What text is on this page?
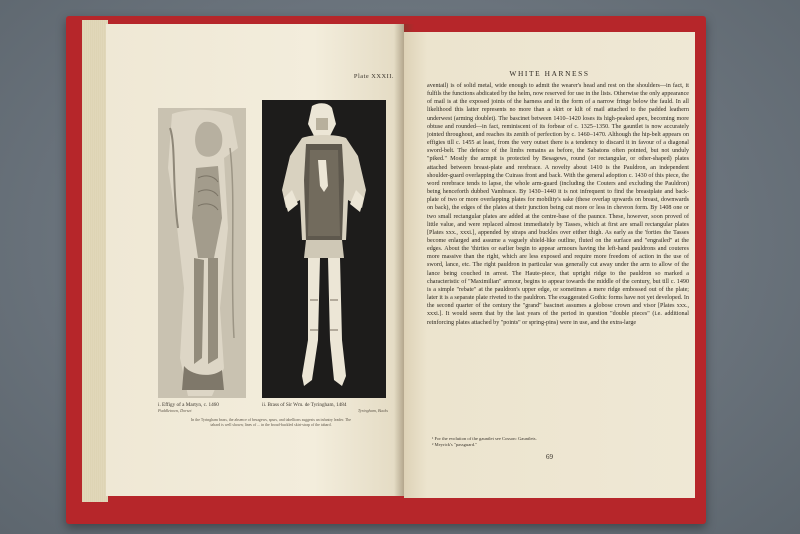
Plate XXXII.
i. Effigy of a Martyn, c. 1460
Puddletown, Dorset
ii. Brass of Sir Wm. de Tyringham, 1484
Tyringham, Bucks
In the Tyringham brass, the absence of besagews, spurs, and tabellions suggests an infantry leader. The tabard is well shown; lines of ... in the broad-buckled skirt-strap of the tabard.
WHITE HARNESS
aventail) is of solid metal, wide enough to admit the wearer's head and rest on the shoulders—in fact, it fulfils the functions abdicated by the helm, now reserved for use in the lists. Otherwise the only appearance of mail is at the exposed joints of the harness and in the form of a narrow fringe below the fauld. In all likelihood this latter represents no more than a skirt or kilt of mail attached to the padded leathern underwest (arming doublet). The bascinet between 1410–1420 loses its high-peaked apex, becoming more obtuse and rounded—in fact, reminiscent of its forbear of c. 1325–1350. The gauntlet is now accurately jointed throughout, and reaches its zenith of perfection by c. 1460–1470. Although the hip-belt appears on effigies till c. 1455 at least, from the very outset there is a tendency to discard it in favour of a diagonal sword-belt. The defence of the limbs remains as before, the Sabatons often pointed, but not unduly "piked." Mostly the armpit is protected by Besagews, round (or rectangular, or other-shaped) plates attached between breast-plate and rerebrace. A novelty about 1410 is the Pauldron, an independent shoulder-guard overlapping the Cuirass front and back. With the general adoption c. 1430 of this piece, the word rerebrace tends to lapse, the whole arm-guard (including the Couters and excluding the Pauldron) being henceforth dubbed Vambrace. By 1430–1440 it is not infrequent to find the breastplate and back-plate of two or more overlapping plates for mobility's sake (these overlap upwards on breast, downwards on back), the edges of the plates at their junction being cut more or less in chevron form. By 1408 one or two small rectangular plates are added at the centre-base of the paunce. These, however, soon proved of little value, and were replaced almost immediately by Tasses, which at first are small rectangular plates [Plates xxx., xxxi.], appended by straps and buckles over either thigh. As early as the 'forties the Tasses become enlarged and assume a vaguely shield-like outline, fluted on the surface and "engrailed" at the edges. About the 'thirties or earlier begin to appear armours having the left-hand pauldrons and couteres more massive than the right, which are less exposed and require more freedom of action in the use of sword, lance, etc. The right pauldron in particular was generally cut away under the arm to allow of the lance being couched in arrest. The Haute-piece, that upright ridge to the pauldron so marked a characteristic of "Maximilian" armour, begins to appear towards the middle of the century, but till c. 1490 is a simple "rebate" at the pauldron's upper edge, or sometimes a mere ridge embossed out of the plate; later it is a separate plate riveted to the pauldron. The exaggerated Gothic forms have not yet developed. In the second quarter of the century the "grand" bascinet assumes a globose crown and visor [Plates xxx., xxxi.]. It would seem that by the last years of the period in question "double pieces" (i.e. additional reinforcing plates attached by "points" or spring-pins) were in use, and the extra-large
¹ For the evolution of the gauntlet see Cosson: Gauntlets.
² Meyrick's "passguard."
69
